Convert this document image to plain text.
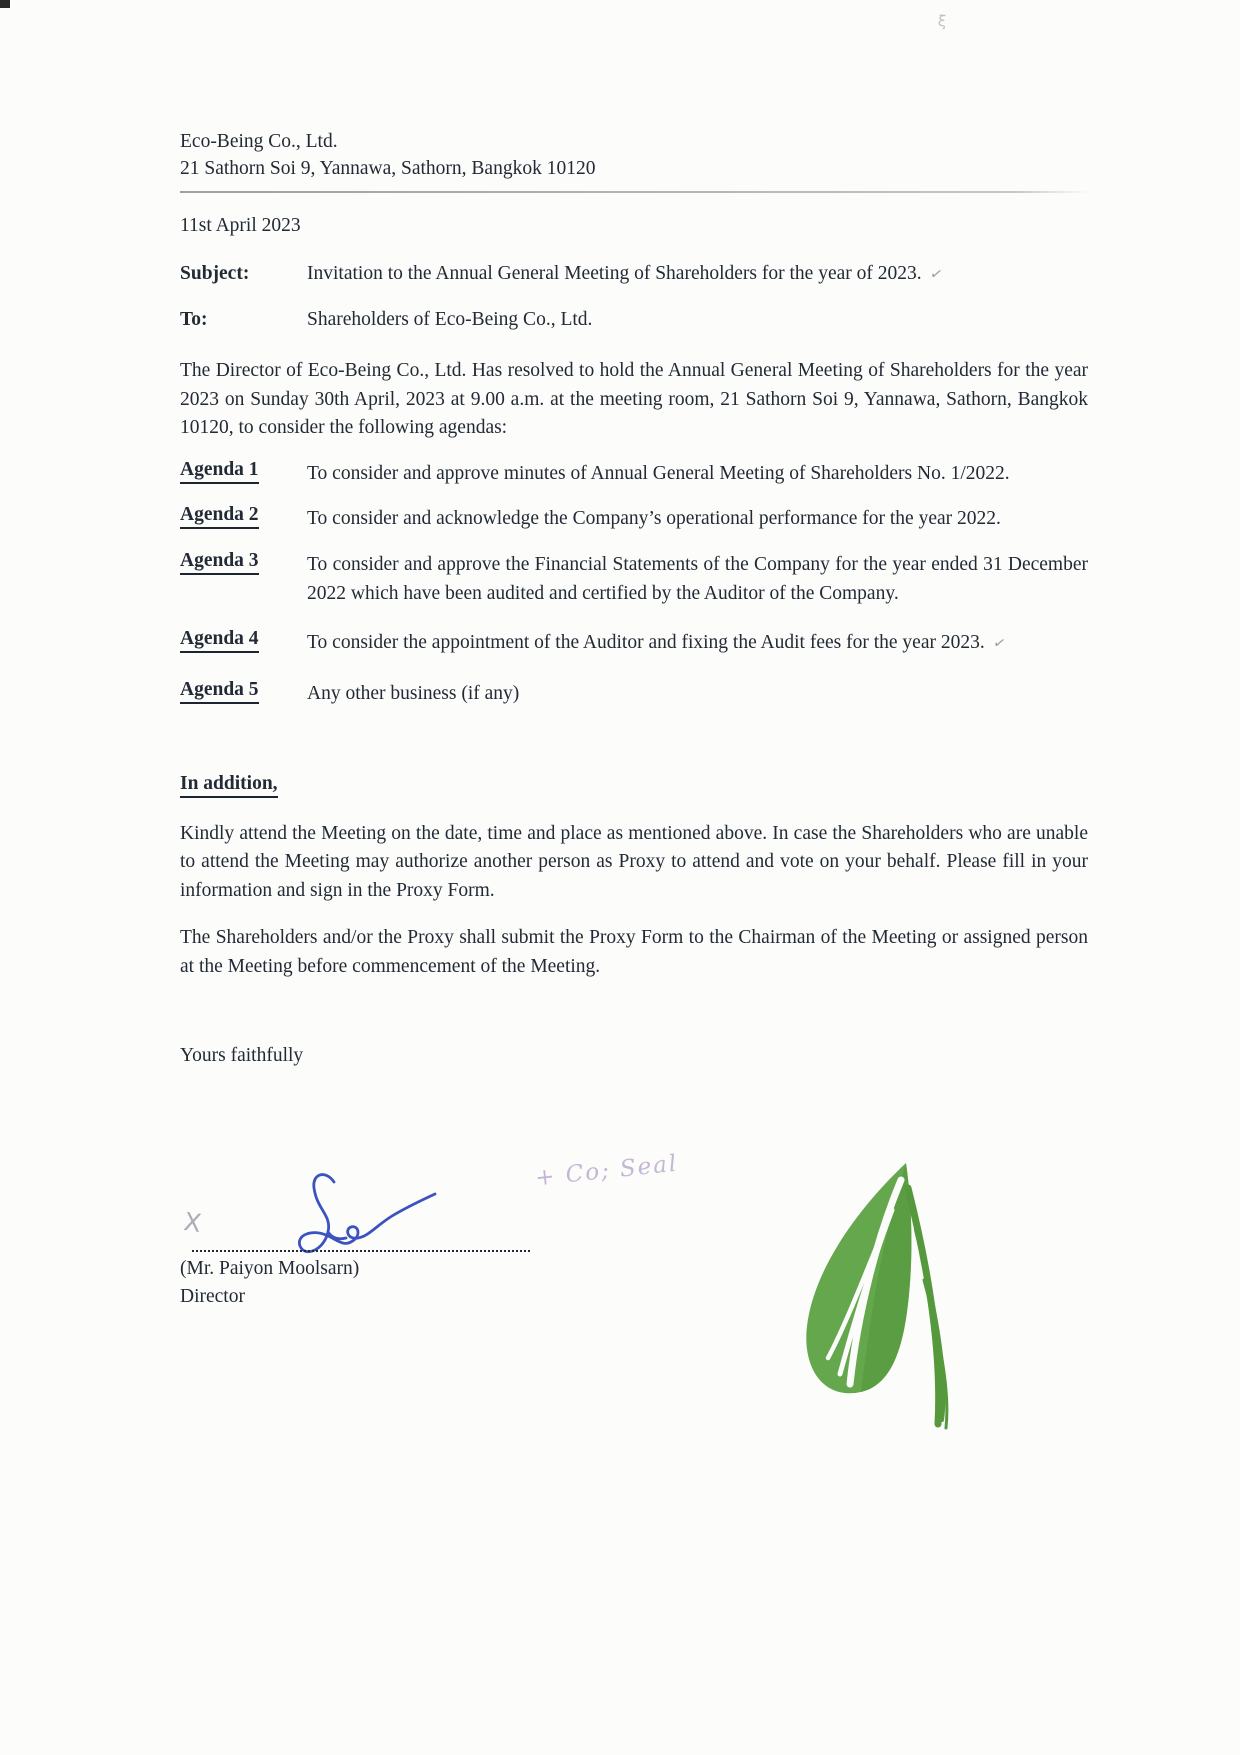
ξ
Eco-Being Co., Ltd.
21 Sathorn Soi 9, Yannawa, Sathorn, Bangkok 10120
11st April 2023
Subject:	Invitation to the Annual General Meeting of Shareholders for the year of 2023. ✓
To:	Shareholders of Eco-Being Co., Ltd.
The Director of Eco-Being Co., Ltd. Has resolved to hold the Annual General Meeting of Shareholders for the year 2023 on Sunday 30th April, 2023 at 9.00 a.m. at the meeting room, 21 Sathorn Soi 9, Yannawa, Sathorn, Bangkok 10120, to consider the following agendas:
Agenda 1	To consider and approve minutes of Annual General Meeting of Shareholders No. 1/2022.
Agenda 2	To consider and acknowledge the Company’s operational performance for the year 2022.
Agenda 3	To consider and approve the Financial Statements of the Company for the year ended 31 December 2022 which have been audited and certified by the Auditor of the Company.
Agenda 4	To consider the appointment of the Auditor and fixing the Audit fees for the year 2023. ✓
Agenda 5	Any other business (if any)
In addition,
Kindly attend the Meeting on the date, time and place as mentioned above. In case the Shareholders who are unable to attend the Meeting may authorize another person as Proxy to attend and vote on your behalf. Please fill in your information and sign in the Proxy Form.
The Shareholders and/or the Proxy shall submit the Proxy Form to the Chairman of the Meeting or assigned person at the Meeting before commencement of the Meeting.
Yours faithfully
+ Co; Seal
X
(Mr. Paiyon Moolsarn)
Director
